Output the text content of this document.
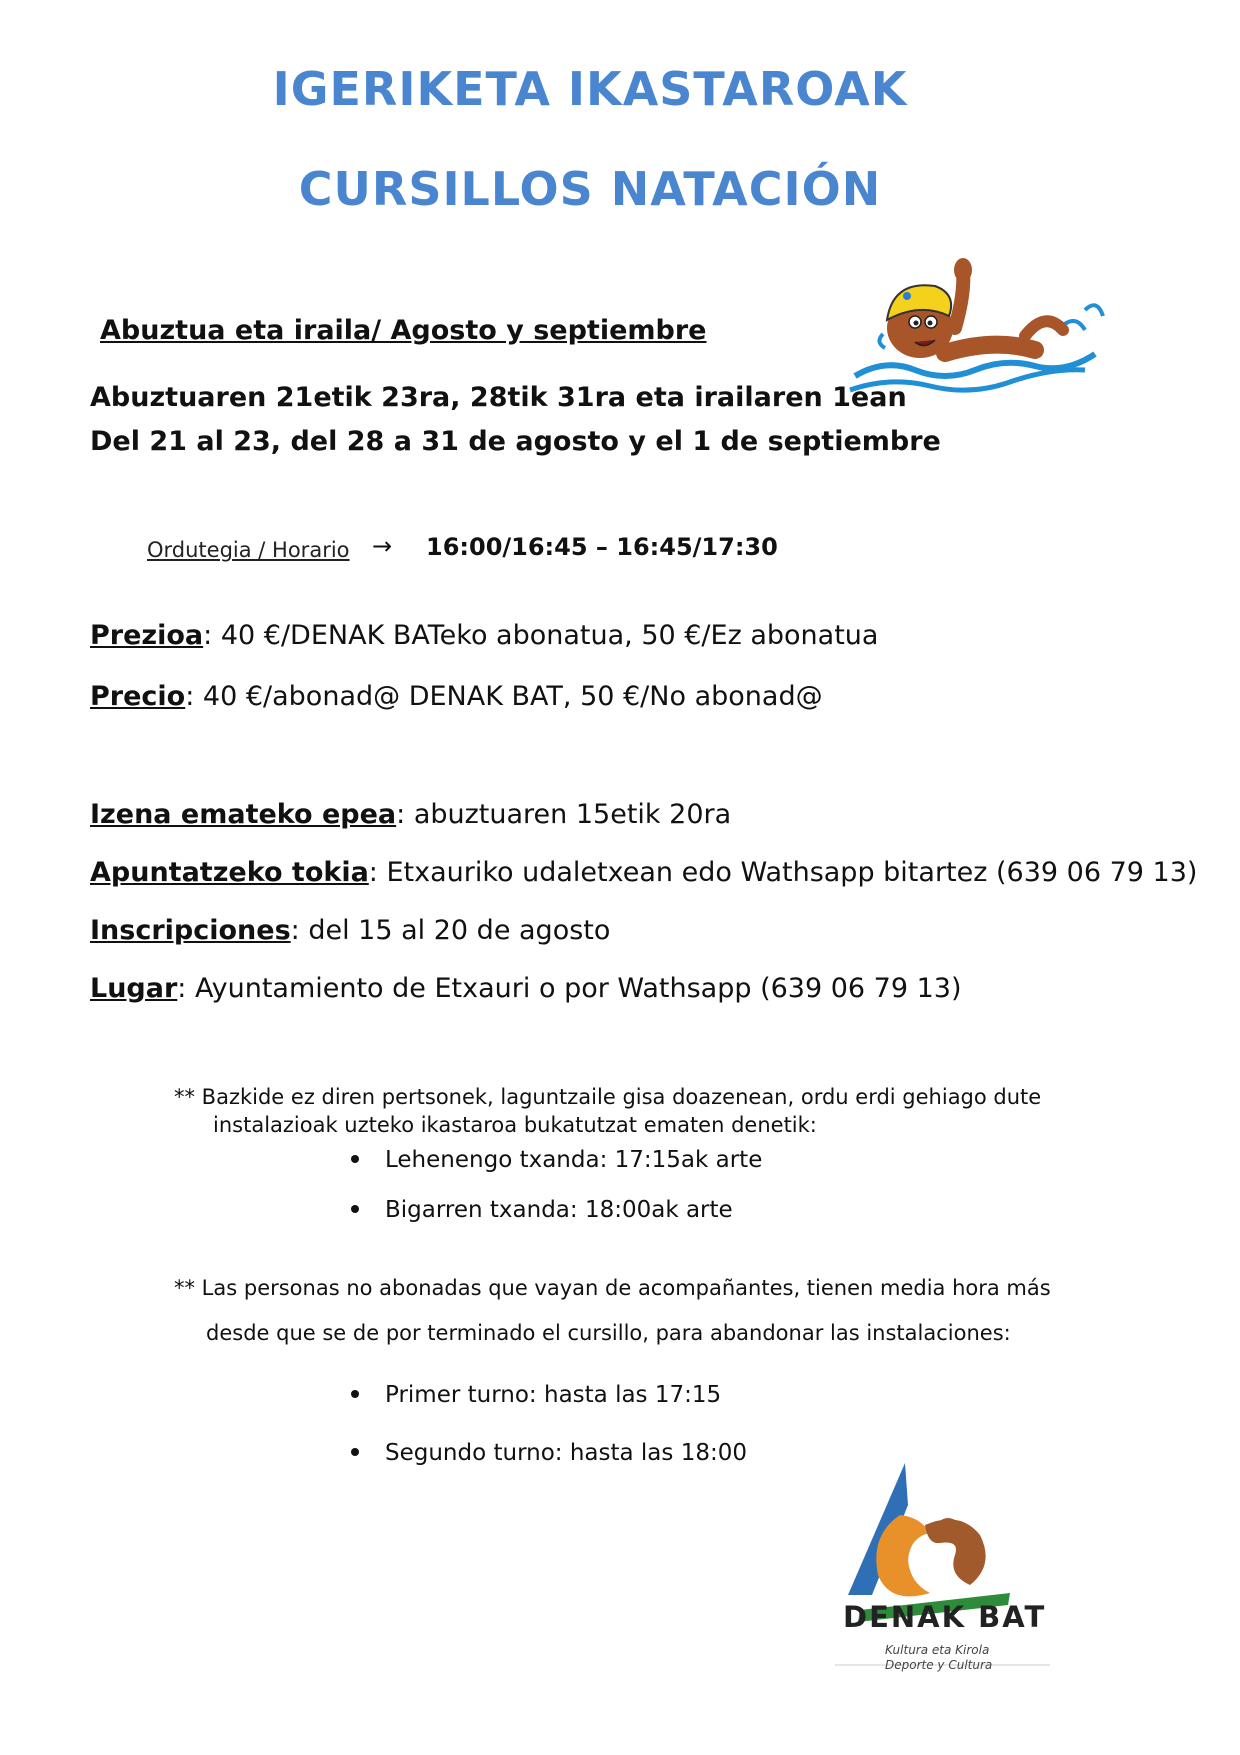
IGERIKETA IKASTAROAK
CURSILLOS NATACIÓN
Abuztua eta iraila/ Agosto y septiembre
Abuztuaren 21etik 23ra, 28tik 31ra eta irailaren 1ean
Del 21 al 23, del 28 a 31 de agosto y el 1 de septiembre
Ordutegia / Horario → 16:00/16:45 – 16:45/17:30
Prezioa: 40 €/DENAK BATeko abonatua, 50 €/Ez abonatua
Precio: 40 €/abonad@ DENAK BAT, 50 €/No abonad@
Izena emateko epea: abuztuaren 15etik 20ra
Apuntatzeko tokia: Etxauriko udaletxean edo Wathsapp bitartez (639 06 79 13)
Inscripciones: del 15 al 20 de agosto
Lugar: Ayuntamiento de Etxauri o por Wathsapp (639 06 79 13)
** Bazkide ez diren pertsonek, laguntzaile gisa doazenean, ordu erdi gehiago dute
instalazioak uzteko ikastaroa bukatutzat ematen denetik:
Lehenengo txanda: 17:15ak arte
Bigarren txanda: 18:00ak arte
** Las personas no abonadas que vayan de acompañantes, tienen media hora más
desde que se de por terminado el cursillo, para abandonar las instalaciones:
Primer turno: hasta las 17:15
Segundo turno: hasta las 18:00
DENAK BAT
Kultura eta Kirola
Deporte y Cultura
